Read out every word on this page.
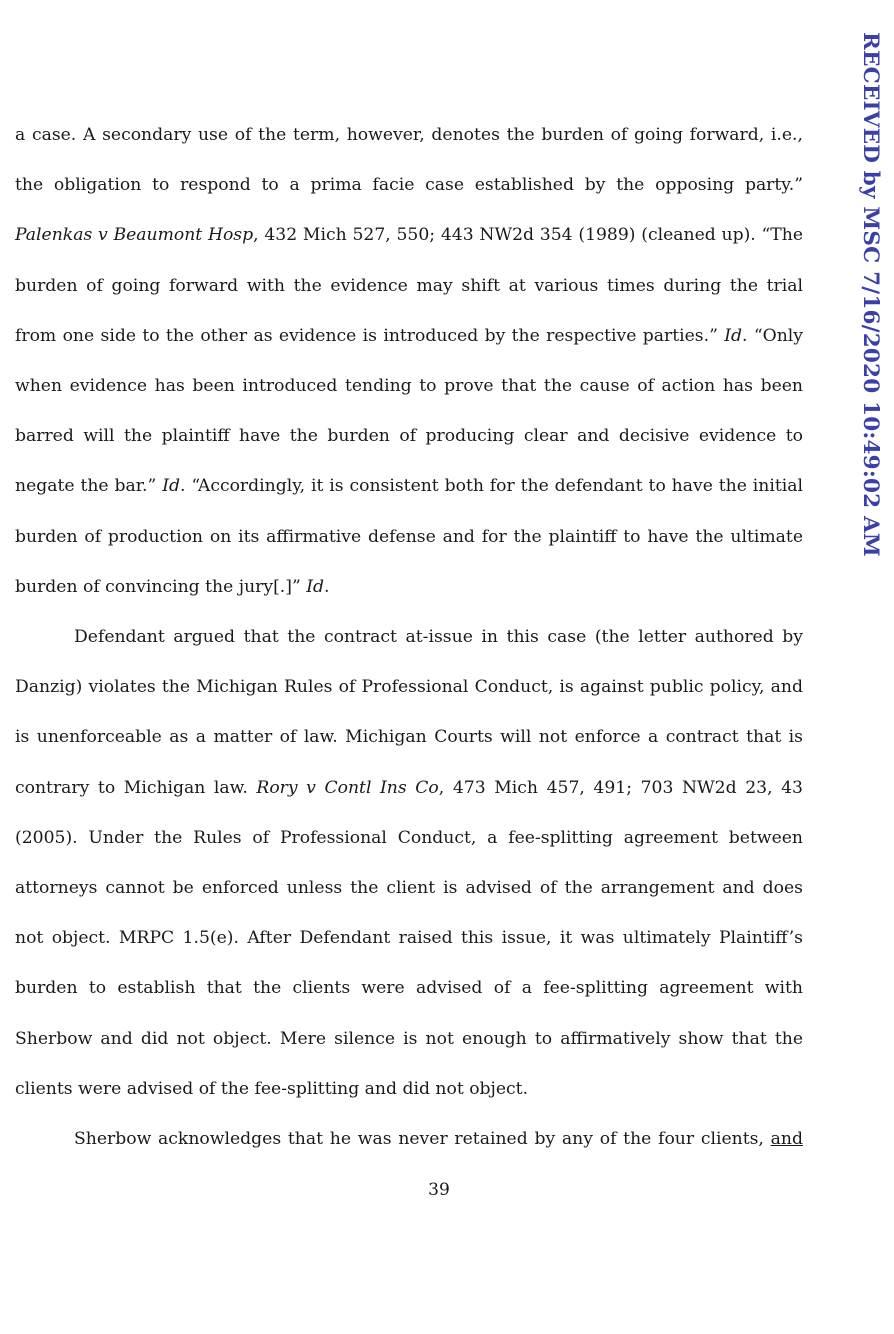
a case. A secondary use of the term, however, denotes the burden of going forward, i.e., the obligation to respond to a prima facie case established by the opposing party.” Palenkas v Beaumont Hosp, 432 Mich 527, 550; 443 NW2d 354 (1989) (cleaned up). “The burden of going forward with the evidence may shift at various times during the trial from one side to the other as evidence is introduced by the respective parties.” Id. “Only when evidence has been introduced tending to prove that the cause of action has been barred will the plaintiff have the burden of producing clear and decisive evidence to negate the bar.” Id. “Accordingly, it is consistent both for the defendant to have the initial burden of production on its affirmative defense and for the plaintiff to have the ultimate burden of convincing the jury[.]” Id.

Defendant argued that the contract at-issue in this case (the letter authored by Danzig) violates the Michigan Rules of Professional Conduct, is against public policy, and is unenforceable as a matter of law. Michigan Courts will not enforce a contract that is contrary to Michigan law. Rory v Contl Ins Co, 473 Mich 457, 491; 703 NW2d 23, 43 (2005). Under the Rules of Professional Conduct, a fee-splitting agreement between attorneys cannot be enforced unless the client is advised of the arrangement and does not object. MRPC 1.5(e). After Defendant raised this issue, it was ultimately Plaintiff’s burden to establish that the clients were advised of a fee-splitting agreement with Sherbow and did not object. Mere silence is not enough to affirmatively show that the clients were advised of the fee-splitting and did not object.

Sherbow acknowledges that he was never retained by any of the four clients, and

39
RECEIVED by MSC 7/16/2020 10:49:02 AM
